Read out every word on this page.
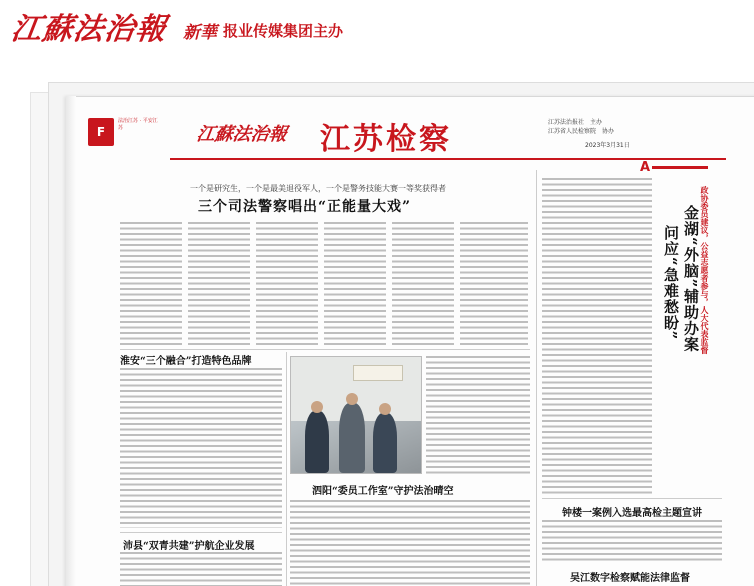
江蘇法治報 新華 报业传媒集团主办
F
法治江苏 · 平安江苏	江蘇法治報 江苏检察	江苏法治报社　主办
江苏省人民检察院　协办
2023年3月31日
A
一个是研究生，一个是最美退役军人，一个是警务技能大赛一等奖获得者
三个司法警察唱出“正能量大戏”
淮安“三个融合”打造特色品牌
沛县“双青共建”护航企业发展
泗阳“委员工作室”守护法治晴空
政协委员建议，公益志愿者参与，人大代表监督
金湖“外脑”辅助办案
问应“急难愁盼”
钟楼一案例入选最高检主题宣讲
吴江数字检察赋能法律监督
